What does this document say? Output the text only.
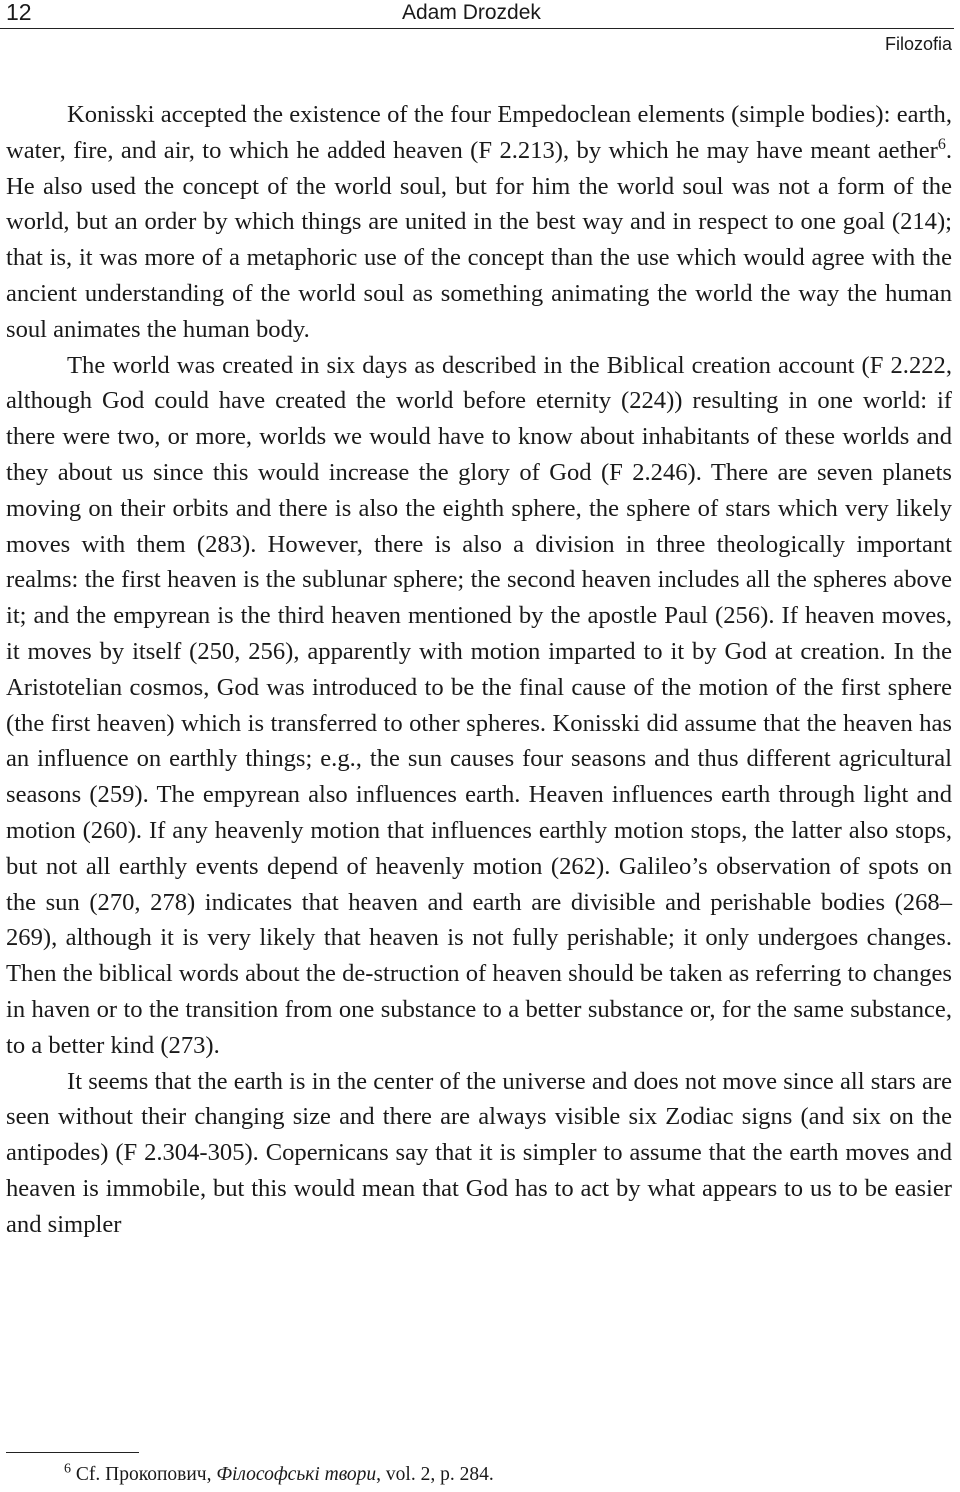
12	Adam Drozdek
Filozofia

Konisski accepted the existence of the four Empedoclean elements (simple bodies): earth, water, fire, and air, to which he added heaven (F 2.213), by which he may have meant aether$^6$. He also used the concept of the world soul, but for him the world soul was not a form of the world, but an order by which things are united in the best way and in respect to one goal (214); that is, it was more of a metaphoric use of the concept than the use which would agree with the ancient understanding of the world soul as something animating the world the way the human soul animates the human body.

The world was created in six days as described in the Biblical creation account (F 2.222, although God could have created the world before eternity (224)) resulting in one world: if there were two, or more, worlds we would have to know about inhabitants of these worlds and they about us since this would increase the glory of God (F 2.246). There are seven planets moving on their orbits and there is also the eighth sphere, the sphere of stars which very likely moves with them (283). However, there is also a division in three theologically important realms: the first heaven is the sublunar sphere; the second heaven includes all the spheres above it; and the empyrean is the third heaven mentioned by the apostle Paul (256). If heaven moves, it moves by itself (250, 256), apparently with motion imparted to it by God at creation. In the Aristotelian cosmos, God was introduced to be the final cause of the motion of the first sphere (the first heaven) which is transferred to other spheres. Konisski did assume that the heaven has an influence on earthly things; e.g., the sun causes four seasons and thus different agricultural seasons (259). The empyrean also influences earth. Heaven influences earth through light and motion (260). If any heavenly motion that influences earthly motion stops, the latter also stops, but not all earthly events depend of heavenly motion (262). Galileo’s observation of spots on the sun (270, 278) indicates that heaven and earth are divisible and perishable bodies (268–269), although it is very likely that heaven is not fully perishable; it only undergoes changes. Then the biblical words about the de-struction of heaven should be taken as referring to changes in haven or to the transition from one substance to a better substance or, for the same substance, to a better kind (273).

It seems that the earth is in the center of the universe and does not move since all stars are seen without their changing size and there are always visible six Zodiac signs (and six on the antipodes) (F 2.304-305). Copernicans say that it is simpler to assume that the earth moves and heaven is immobile, but this would mean that God has to act by what appears to us to be easier and simpler

$^6$ Cf. Прокопович, Філософські твори, vol. 2, p. 284.
